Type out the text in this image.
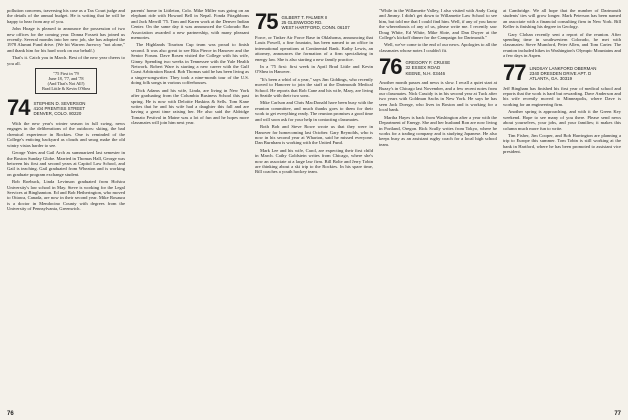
pollution concerns, traversing his case as a Tax Court judge and the details of the annual budget. He is writing that he will be happy to hear from any of you.

John Hoage is pleased to announce the possession of two new offices for the coming year. Donna Fossett has joined us recently. Several months into her new job, she has adopted the 1978 Alumni Fund drive. (We hit Warren Jurewcy "not alone," and thank him for his hard work on our behalf.)

That's it. Catch you in March. Best of the new year cheers to you all.

"75 First in '79
June 18, '77, and '78
(And That's Not All!)
Brad Little & Kevin O'Shea
74 STEPHEN D. SEVERSON
4104 PRENTISS STREET
DENVER, COLO. 80220

With the new year's winter season in full swing, news engages in the deliberations of the outdoors: skiing, the bad chemical experience in Rockies. One is reminded of the College's enticing backyard as clouds and smog make the old wintry vistas harder to see.

George Yates and Gail Arch as summarized last semester in the Boston Sunday Globe. Married in Thomas Hall, George was between his first and second years at Capitol Law School, and Gail is teaching. Gail graduated from Wheaton and is working on graduate program exchange student.

Bob Roebuck, Linda Levinson graduated from Hofstra University's law school in May. Steve is working for the Legal Services at Binghamton. Ed and Bob Hetherington, who moved to Ottawa, Canada, are now in their second year. Mike Rosaura is a doctor in Mendocino County with degrees from the University of Pennsylvania, Greenwich.

parents' home in Littleton, Colo. Mike Miller was going on an elephant ride with Howard Bell in Nepal. Fonda Fitzgibbons and Jack Merrill '75. Tom and Karen work at the Denver Indian Center. On the same day it was announced the Colorado Bar Association awarded a new partnership, with many pleasant memories.

The Highlands Tourism Cup team was proud to finish second. It was also great to see Rita Pierce in Hanover and the Senior Forum. Dave Rosen visited the College with his wife, Ginny. Spending two weeks in Tennessee with the Yale Health Network. Robert Ware is starting a new career with the Gulf Coast Arbitration Board. Bob Thomas said he has been living as a singer-songwriter. They took a nine-month tour of the U.S. doing folk songs in various coffeehouses.

Dick Adams and his wife, Linda, are living in New York after graduating from the Columbia Business School this past spring. He is now with Deloitte Haskins & Sells. Tom Kane writes that he and his wife had a daughter this fall and are having a great time raising her. He also said the Aldridge Tomato Festival in Maine was a lot of fun and he hopes more classmates will join him next year.

75 GILBERT T. PALMER II
25 GLENWOOD RD.
WEST HARTFORD, CONN. 06107

Force, or Tinker Air Force Base in Oklahoma, announcing that Louis Powell, a fine fountain, has been named to an office in international operations at Continental Bank. Kathy Lewis, an attorney, announces the formation of a firm specializing in energy law. She is also starting a new family practice.

In a '75 first: first week in April Brad Little and Kevin O'Shea in Hanover.

"It's been a whirl of a year," says Jim Giddings, who recently moved to Hanover to join the staff at the Dartmouth Medical School. He reports that Rob Cane and his wife, Mary, are living in Seattle with their two sons.

Mike Carlson and Chris MacDonald have been busy with the reunion committee, and much thanks goes to them for their work to get everything ready. The reunion promises a good time and will soon ask for your help in contacting classmates.

Both Bob and Steve Rowe wrote us that they were in Hanover for homecoming last October. Gary Reynolds, who is now in his second year at Wharton, said he missed everyone. Dan Burnham is working with the United Fund.

Mark Lee and his wife, Carol, are expecting their first child in March. Cathy Goldstein writes from Chicago, where she's now an associate at a large law firm. Bill Bolte and Jerry Tobin are thinking about a ski trip to the Rockies. In his spare time, Bill coaches a youth hockey team.

"While in the Willamette Valley, I also visited with Andy Craig and Jimmy. I didn't get down to Willamette Law School to see him, but told me that I could find him. Well, if any of you know the whereabouts of any of us, please write me. I recently saw Doug White, Ed White, Mike Slote, and Dan Dwyer at the College's kickoff dinner for the Campaign for Dartmouth."

Well, we've come to the end of our news. Apologies to all the classmates whose notes I couldn't fit.

76 GREGORY F. CRUISE
32 ESSEX ROAD
KEENE, N.H. 03446

Another month passes and news is slow. I recall a quiet start at Buzzy's in Chicago last November, and a few recent notes from our classmates. Nick Cassidy is in his second year at Tuck after two years with Goldman Sachs in New York. He says he has seen Jack Doerge, who lives in Boston and is working for a local bank.

Martha Hayes is back from Washington after a year with the Department of Energy. She and her husband Ron are now living in Portland, Oregon. Rick Scully writes from Tokyo, where he works for a trading company and is studying Japanese. He also keeps busy as an assistant rugby coach for a local high school team.

at Cambridge. We all hope that the number of Dartmouth students' ties will grow longer. Mark Peterson has been named an associate with a financial consulting firm in New York. Bill Keller is finishing his degree in Geology.

Gary Clohan recently sent a report of the reunion. After spending time in southwestern Colorado, he met with classmates: Steve Mumford, Peter Allen, and Tom Carter. The reunion included hikes in Washington's Olympic Mountains and a few days in Aspen.

77 LINDSAY LANKFORD OBERMAN
2340 DRESDEN DRIVE APT. D
ATLANTA, GA. 30319

Jeff Bingham has finished his first year of medical school and reports that the work is hard but rewarding. Dave Anderson and his wife recently moved to Minneapolis, where Dave is working for an engineering firm.

Another spring is approaching, and with it the Green Key weekend. Hope to see many of you there. Please send news about yourselves, your jobs, and your families; it makes this column much more fun to write.

Tim Fisher, Jim Cooper, and Bob Harrington are planning a trip to Europe this summer. Tom Tobin is still working at the bank in Hartford, where he has been promoted to assistant vice president.

76	77
